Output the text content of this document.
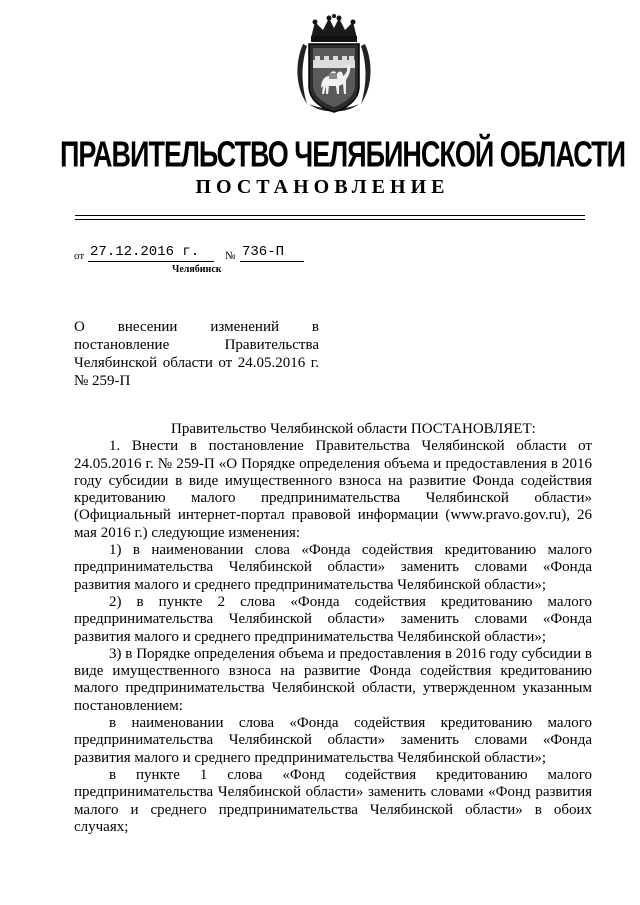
ПРАВИТЕЛЬСТВО ЧЕЛЯБИНСКОЙ ОБЛАСТИ
ПОСТАНОВЛЕНИЕ
от 27.12.2016 г.	№ 736-П
Челябинск
О внесении изменений в постановление Правительства Челябинской области от 24.05.2016 г.
№ 259-П

Правительство Челябинской области ПОСТАНОВЛЯЕТ:

1. Внести в постановление Правительства Челябинской области от 24.05.2016 г. № 259-П «О Порядке определения объема и предоставления в 2016 году субсидии в виде имущественного взноса на развитие Фонда содействия кредитованию малого предпринимательства Челябинской области» (Официальный интернет-портал правовой информации (www.pravo.gov.ru), 26 мая 2016 г.) следующие изменения:

1) в наименовании слова «Фонда содействия кредитованию малого предпринимательства Челябинской области» заменить словами «Фонда развития малого и среднего предпринимательства Челябинской области»;

2) в пункте 2 слова «Фонда содействия кредитованию малого предпринимательства Челябинской области» заменить словами «Фонда развития малого и среднего предпринимательства Челябинской области»;

3) в Порядке определения объема и предоставления в 2016 году субсидии в виде имущественного взноса на развитие Фонда содействия кредитованию малого предпринимательства Челябинской области, утвержденном указанным постановлением:

в наименовании слова «Фонда содействия кредитованию малого предпринимательства Челябинской области» заменить словами «Фонда развития малого и среднего предпринимательства Челябинской области»;

в пункте 1 слова «Фонд содействия кредитованию малого предпринимательства Челябинской области» заменить словами «Фонд развития малого и среднего предпринимательства Челябинской области» в обоих случаях;
